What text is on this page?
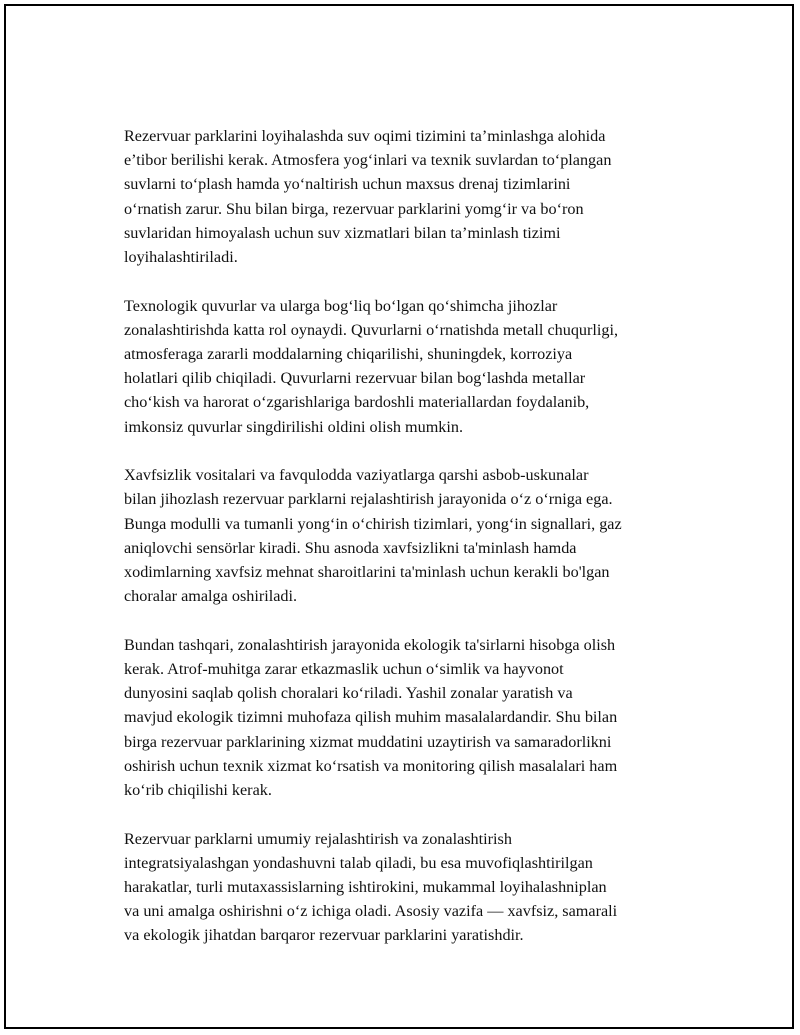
Rezervuar parklarini loyihalashda suv oqimi tizimini ta’minlashga alohida
e’tibor berilishi kerak. Atmosfera yog‘inlari va texnik suvlardan to‘plangan
suvlarni to‘plash hamda yo‘naltirish uchun maxsus drenaj tizimlarini
o‘rnatish zarur. Shu bilan birga, rezervuar parklarini yomg‘ir va bo‘ron
suvlaridan himoyalash uchun suv xizmatlari bilan ta’minlash tizimi
loyihalashtiriladi.

Texnologik quvurlar va ularga bog‘liq bo‘lgan qo‘shimcha jihozlar
zonalashtirishda katta rol oynaydi. Quvurlarni o‘rnatishda metall chuqurligi,
atmosferaga zararli moddalarning chiqarilishi, shuningdek, korroziya
holatlari qilib chiqiladi. Quvurlarni rezervuar bilan bog‘lashda metallar
cho‘kish va harorat o‘zgarishlariga bardoshli materiallardan foydalanib,
imkonsiz quvurlar singdirilishi oldini olish mumkin.

Xavfsizlik vositalari va favqulodda vaziyatlarga qarshi asbob-uskunalar
bilan jihozlash rezervuar parklarni rejalashtirish jarayonida o‘z o‘rniga ega.
Bunga modulli va tumanli yong‘in o‘chirish tizimlari, yong‘in signallari, gaz
aniqlovchi sensörlar kiradi. Shu asnoda xavfsizlikni ta'minlash hamda
xodimlarning xavfsiz mehnat sharoitlarini ta'minlash uchun kerakli bo'lgan
choralar amalga oshiriladi.

Bundan tashqari, zonalashtirish jarayonida ekologik ta'sirlarni hisobga olish
kerak. Atrof-muhitga zarar etkazmaslik uchun o‘simlik va hayvonot
dunyosini saqlab qolish choralari ko‘riladi. Yashil zonalar yaratish va
mavjud ekologik tizimni muhofaza qilish muhim masalalardandir. Shu bilan
birga rezervuar parklarining xizmat muddatini uzaytirish va samaradorlikni
oshirish uchun texnik xizmat ko‘rsatish va monitoring qilish masalalari ham
ko‘rib chiqilishi kerak.

Rezervuar parklarni umumiy rejalashtirish va zonalashtirish
integratsiyalashgan yondashuvni talab qiladi, bu esa muvofiqlashtirilgan
harakatlar, turli mutaxassislarning ishtirokini, mukammal loyihalashniplan
va uni amalga oshirishni o‘z ichiga oladi. Asosiy vazifa — xavfsiz, samarali
va ekologik jihatdan barqaror rezervuar parklarini yaratishdir.
